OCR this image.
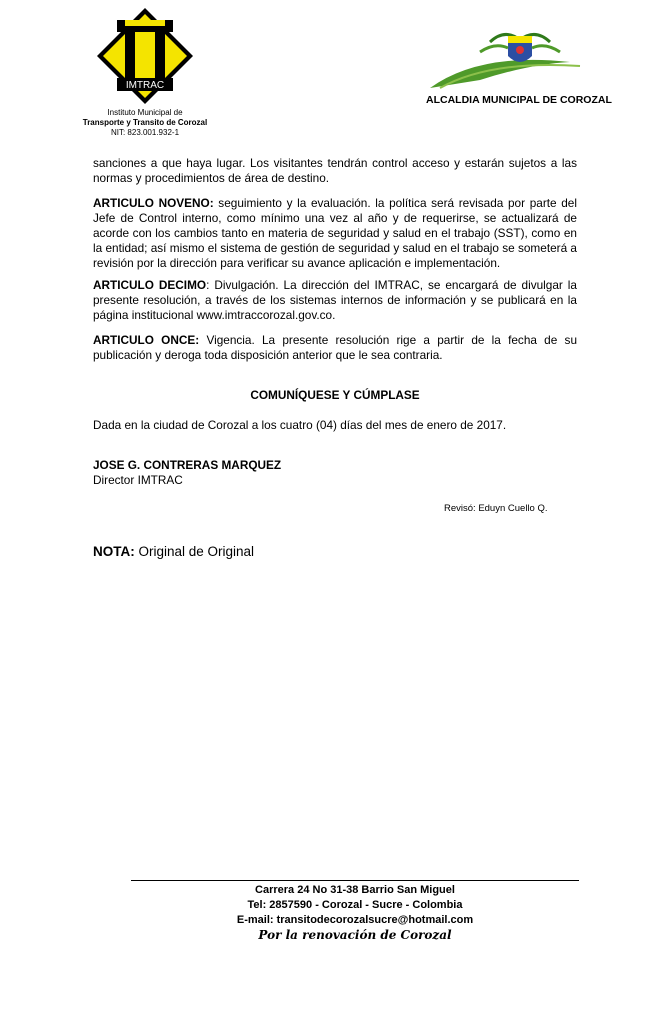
IMTRAC
Instituto Municipal de
Transporte y Transito de Corozal
NIT: 823.001.932-1
ALCALDIA MUNICIPAL DE COROZAL
sanciones a que haya lugar. Los visitantes tendrán control acceso y estarán sujetos a las normas y procedimientos de área de destino.
ARTICULO NOVENO: seguimiento y la evaluación. la política será revisada por parte del Jefe de Control interno, como mínimo una vez al año y de requerirse, se actualizará de acorde con los cambios tanto en materia de seguridad y salud en el trabajo (SST), como en la entidad; así mismo el sistema de gestión de seguridad y salud en el trabajo se someterá a revisión por la dirección para verificar su avance aplicación e implementación.
ARTICULO DECIMO: Divulgación. La dirección del IMTRAC, se encargará de divulgar la presente resolución, a través de los sistemas internos de información y se publicará en la página institucional www.imtraccorozal.gov.co.
ARTICULO ONCE: Vigencia. La presente resolución rige a partir de la fecha de su publicación y deroga toda disposición anterior que le sea contraria.
COMUNÍQUESE Y CÚMPLASE
Dada en la ciudad de Corozal a los cuatro (04) días del mes de enero de 2017.
JOSE G. CONTRERAS MARQUEZ
Director IMTRAC
Revisó: Eduyn Cuello Q.
NOTA: Original de Original
Carrera 24 No 31-38 Barrio San Miguel
Tel: 2857590 - Corozal - Sucre - Colombia
E-mail: transitodecorozalsucre@hotmail.com
Por la renovación de Corozal
